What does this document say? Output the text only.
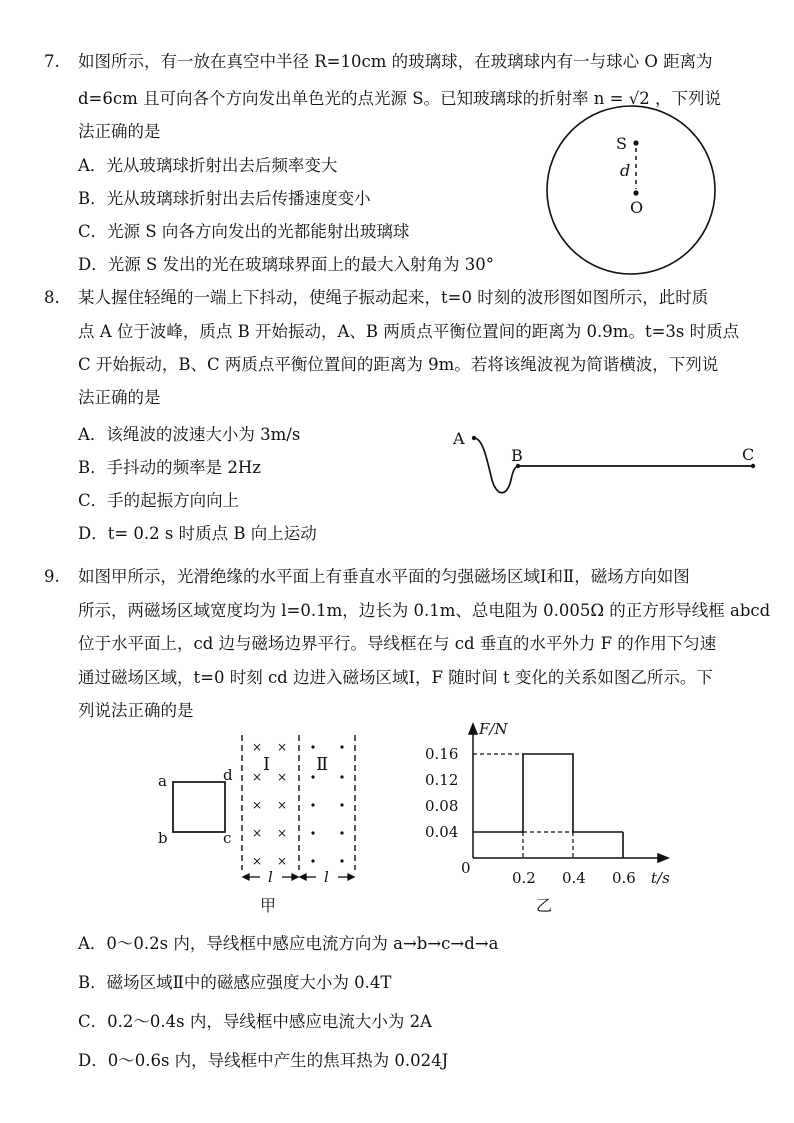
7. 如图所示，有一放在真空中半径 R=10cm 的玻璃球，在玻璃球内有一与球心 O 距离为
d=6cm 且可向各个方向发出单色光的点光源 S。已知玻璃球的折射率 n = √2 ，下列说
法正确的是
A．光从玻璃球折射出去后频率变大
B．光从玻璃球折射出去后传播速度变小
C．光源 S 向各方向发出的光都能射出玻璃球
D．光源 S 发出的光在玻璃球界面上的最大入射角为 30°
S
d
O
8. 某人握住轻绳的一端上下抖动，使绳子振动起来，t=0 时刻的波形图如图所示，此时质
点 A 位于波峰，质点 B 开始振动，A、B 两质点平衡位置间的距离为 0.9m。t=3s 时质点
C 开始振动，B、C 两质点平衡位置间的距离为 9m。若将该绳波视为简谐横波，下列说
法正确的是
A．该绳波的波速大小为 3m/s
B．手抖动的频率是 2Hz
C．手的起振方向向上
D．t= 0.2 s 时质点 B 向上运动
A
B	C
9. 如图甲所示，光滑绝缘的水平面上有垂直水平面的匀强磁场区域Ⅰ和Ⅱ，磁场方向如图
所示，两磁场区域宽度均为 l=0.1m，边长为 0.1m、总电阻为 0.005Ω 的正方形导线框 abcd
位于水平面上，cd 边与磁场边界平行。导线框在与 cd 垂直的水平外力 F 的作用下匀速
通过磁场区域，t=0 时刻 cd 边进入磁场区域Ⅰ，F 随时间 t 变化的关系如图乙所示。下
列说法正确的是
a	d
b	c
× ×
× ×
× ×
× ×
× ×
Ⅰ	Ⅱ
l	l
甲
0.16
0.12
0.08
0.04
0.2 0.4 0.6
F/N
t/s
0
乙
A．0～0.2s 内，导线框中感应电流方向为 a→b→c→d→a
B．磁场区域Ⅱ中的磁感应强度大小为 0.4T
C．0.2～0.4s 内，导线框中感应电流大小为 2A
D．0～0.6s 内，导线框中产生的焦耳热为 0.024J
